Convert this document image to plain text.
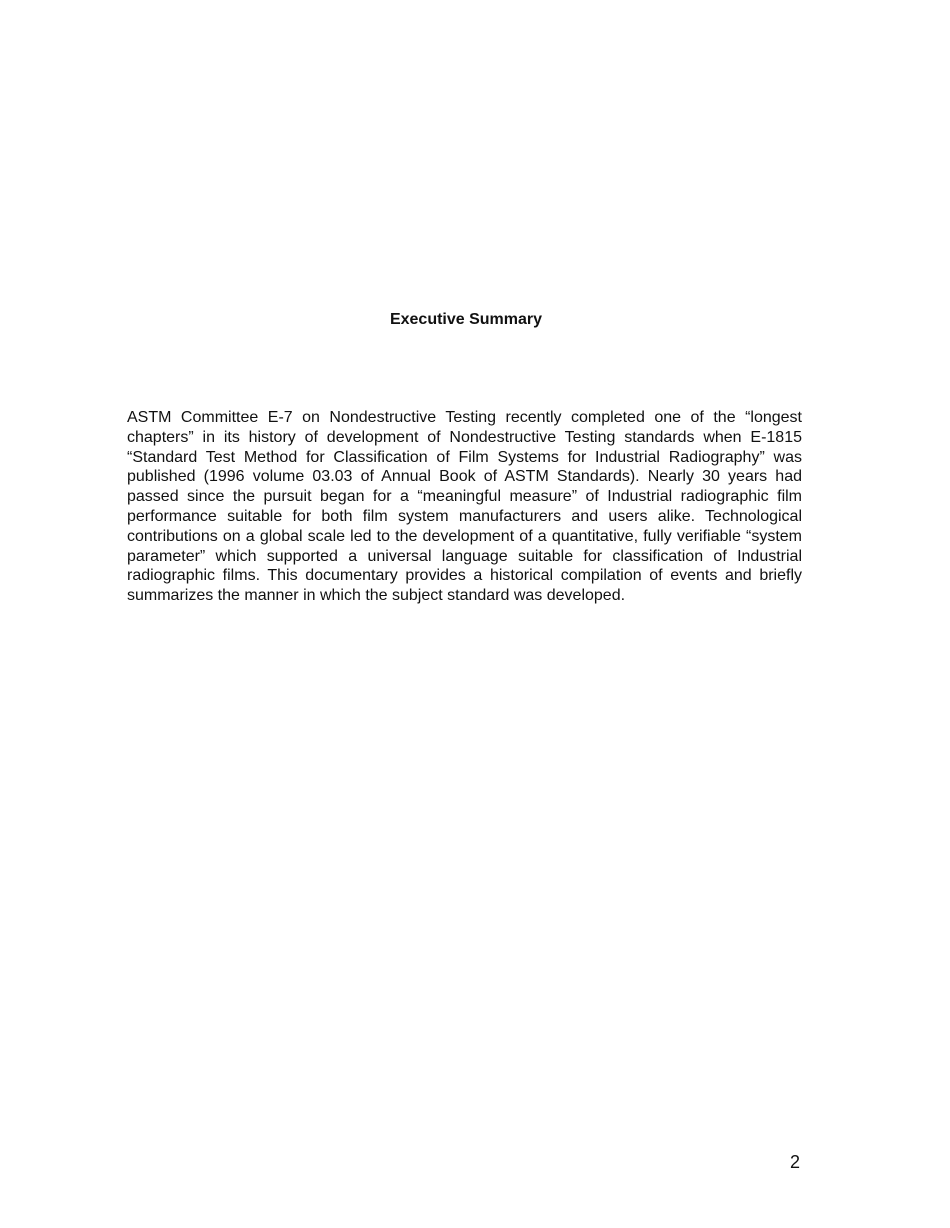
Executive Summary

ASTM Committee E-7 on Nondestructive Testing recently completed one of the “longest chapters” in its history of development of Nondestructive Testing standards when E-1815 “Standard Test Method for Classification of Film Systems for Industrial Radiography” was published (1996 volume 03.03 of Annual Book of ASTM Standards). Nearly 30 years had passed since the pursuit began for a “meaningful measure” of Industrial radiographic film performance suitable for both film system manufacturers and users alike. Technological contributions on a global scale led to the development of a quantitative, fully verifiable “system parameter” which supported a universal language suitable for classification of Industrial radiographic films. This documentary provides a historical compilation of events and briefly summarizes the manner in which the subject standard was developed.

2
